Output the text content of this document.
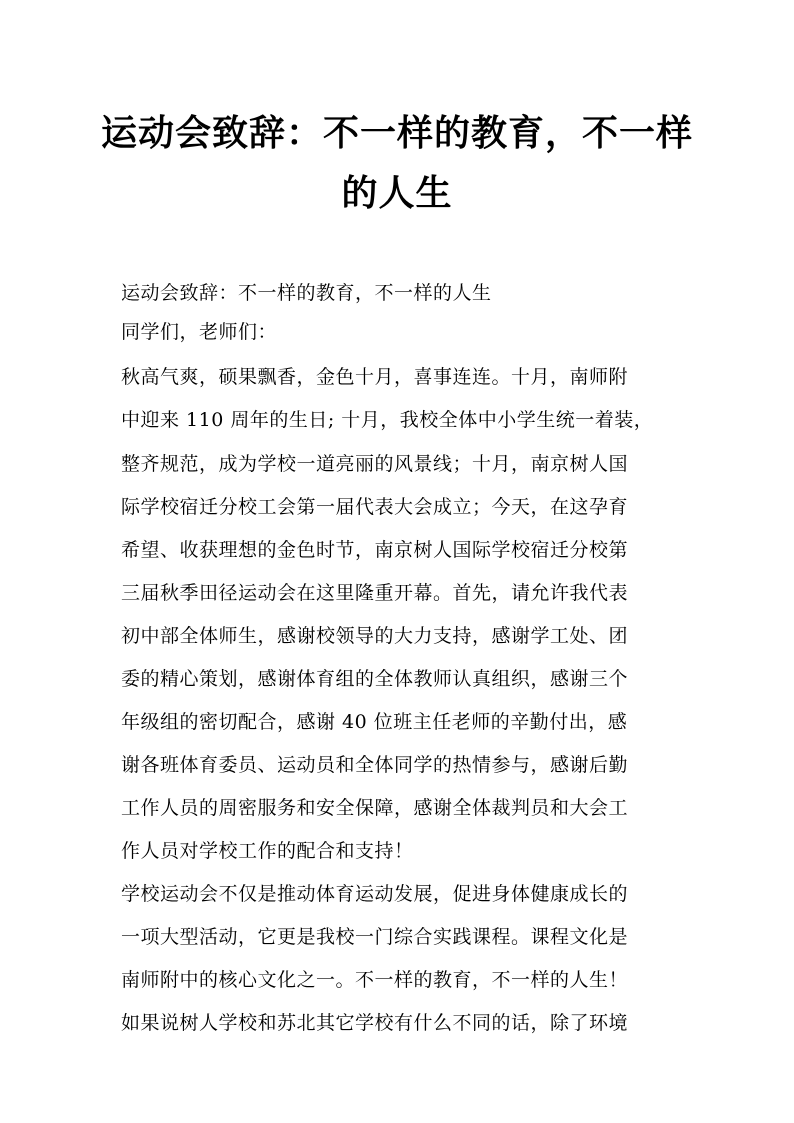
运动会致辞：不一样的教育，不一样
的人生
运动会致辞：不一样的教育，不一样的人生
同学们，老师们：
秋高气爽，硕果飘香，金色十月，喜事连连。十月，南师附
中迎来 110 周年的生日; 十月，我校全体中小学生统一着装，
整齐规范，成为学校一道亮丽的风景线；十月，南京树人国
际学校宿迁分校工会第一届代表大会成立；今天，在这孕育
希望、收获理想的金色时节，南京树人国际学校宿迁分校第
三届秋季田径运动会在这里隆重开幕。首先，请允许我代表
初中部全体师生，感谢校领导的大力支持，感谢学工处、团
委的精心策划，感谢体育组的全体教师认真组织，感谢三个
年级组的密切配合，感谢 40 位班主任老师的辛勤付出，感
谢各班体育委员、运动员和全体同学的热情参与，感谢后勤
工作人员的周密服务和安全保障，感谢全体裁判员和大会工
作人员对学校工作的配合和支持！
学校运动会不仅是推动体育运动发展，促进身体健康成长的
一项大型活动，它更是我校一门综合实践课程。课程文化是
南师附中的核心文化之一。不一样的教育，不一样的人生！
如果说树人学校和苏北其它学校有什么不同的话，除了环境
